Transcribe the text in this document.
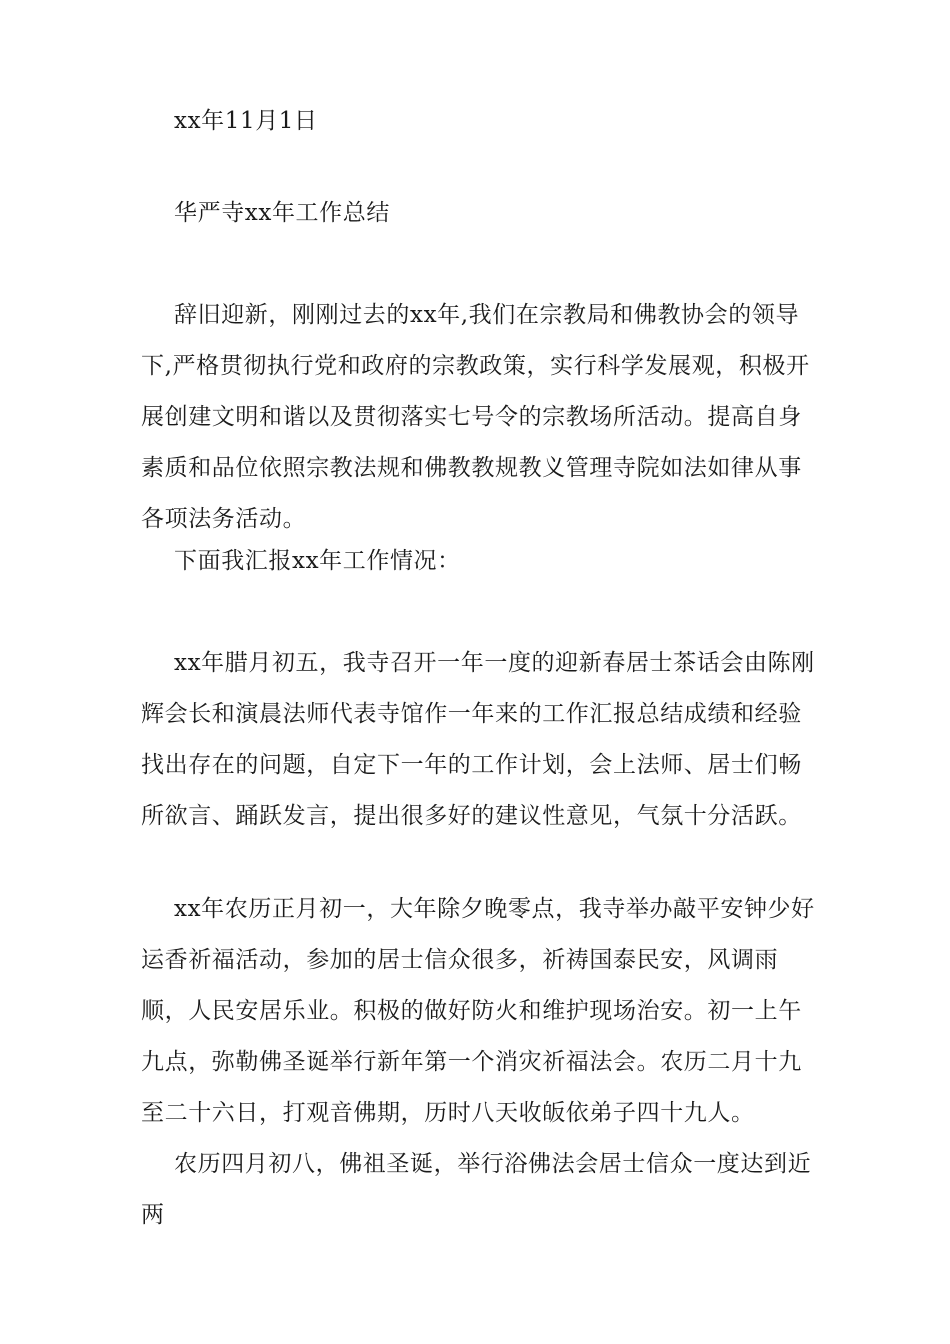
xx年11月1日

华严寺xx年工作总结

辞旧迎新，刚刚过去的xx年,我们在宗教局和佛教协会的领导下,严格贯彻执行党和政府的宗教政策，实行科学发展观，积极开展创建文明和谐以及贯彻落实七号令的宗教场所活动。提高自身素质和品位依照宗教法规和佛教教规教义管理寺院如法如律从事各项法务活动。

下面我汇报xx年工作情况：

xx年腊月初五，我寺召开一年一度的迎新春居士茶话会由陈刚辉会长和演晨法师代表寺馆作一年来的工作汇报总结成绩和经验找出存在的问题，自定下一年的工作计划，会上法师、居士们畅所欲言、踊跃发言，提出很多好的建议性意见，气氛十分活跃。

xx年农历正月初一，大年除夕晚零点，我寺举办敲平安钟少好运香祈福活动，参加的居士信众很多，祈祷国泰民安，风调雨顺，人民安居乐业。积极的做好防火和维护现场治安。初一上午九点，弥勒佛圣诞举行新年第一个消灾祈福法会。农历二月十九至二十六日，打观音佛期，历时八天收皈依弟子四十九人。

农历四月初八，佛祖圣诞，举行浴佛法会居士信众一度达到近两
